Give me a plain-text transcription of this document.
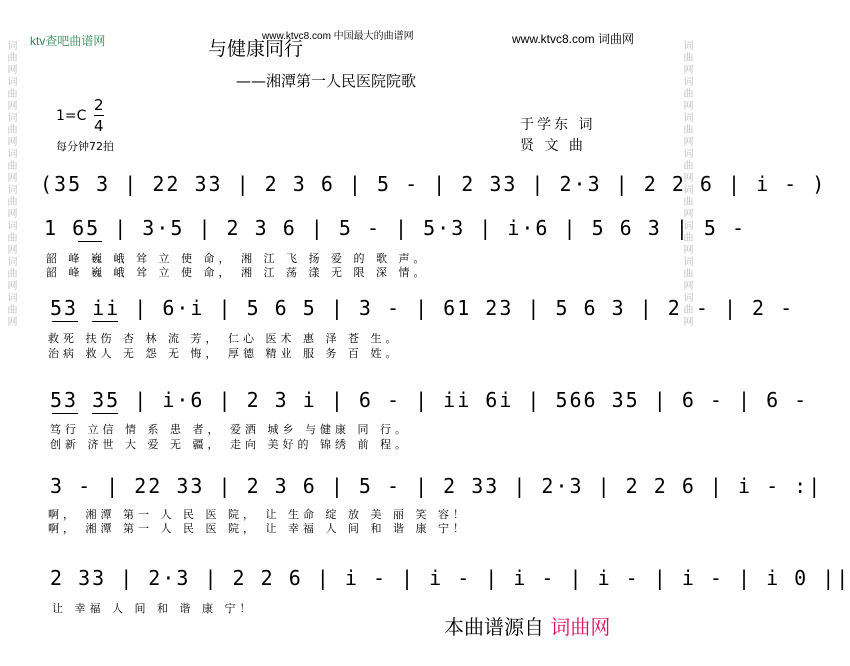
词曲网词曲网词曲网词曲网词曲网词曲网词曲网词曲网	词曲网词曲网词曲网词曲网词曲网词曲网词曲网词曲网
ktv查吧曲谱网	www.ktvc8.com 中国最大的曲谱网	www.ktvc8.com 词曲网
与健康同行
——湘潭第一人民医院院歌
1=C
2
4
每分钟72拍
于学东 词
贤 文 曲
(35 3 | 22 33 | 2 3 6 | 5 - | 2 33 | 2·3 | 2 2 6 | i - )
1 65 | 3·5 | 2 3 6 | 5 - | 5·3 | i·6 | 5 6 3 | 5 -
韶 峰 巍 峨 耸 立 使 命， 湘 江 飞 扬 爱 的 歌 声。
韶 峰 巍 峨 耸 立 使 命， 湘 江 荡 漾 无 限 深 情。
53 ii | 6·i | 5 6 5 | 3 - | 61 23 | 5 6 3 | 2 - | 2 -
救死 扶伤 杏 林 流 芳， 仁心 医术 惠 泽 苍 生。
治病 救人 无 怨 无 悔， 厚德 精业 服 务 百 姓。
53 35 | i·6 | 2 3 i | 6 - | ii 6i | 566 35 | 6 - | 6 -
笃行 立信 情 系 患 者， 爱洒 城乡 与健康 同 行。
创新 济世 大 爱 无 疆， 走向 美好的 锦绣 前 程。
3 - | 22 33 | 2 3 6 | 5 - | 2 33 | 2·3 | 2 2 6 | i - :|
啊， 湘潭 第一 人 民 医 院， 让 生命 绽 放 美 丽 笑 容！
啊， 湘潭 第一 人 民 医 院， 让 幸福 人 间 和 谐 康 宁！
2 33 | 2·3 | 2 2 6 | i - | i - | i - | i - | i - | i 0 ||
让 幸福 人 间 和 谐 康 宁！
本曲谱源自 词曲网
